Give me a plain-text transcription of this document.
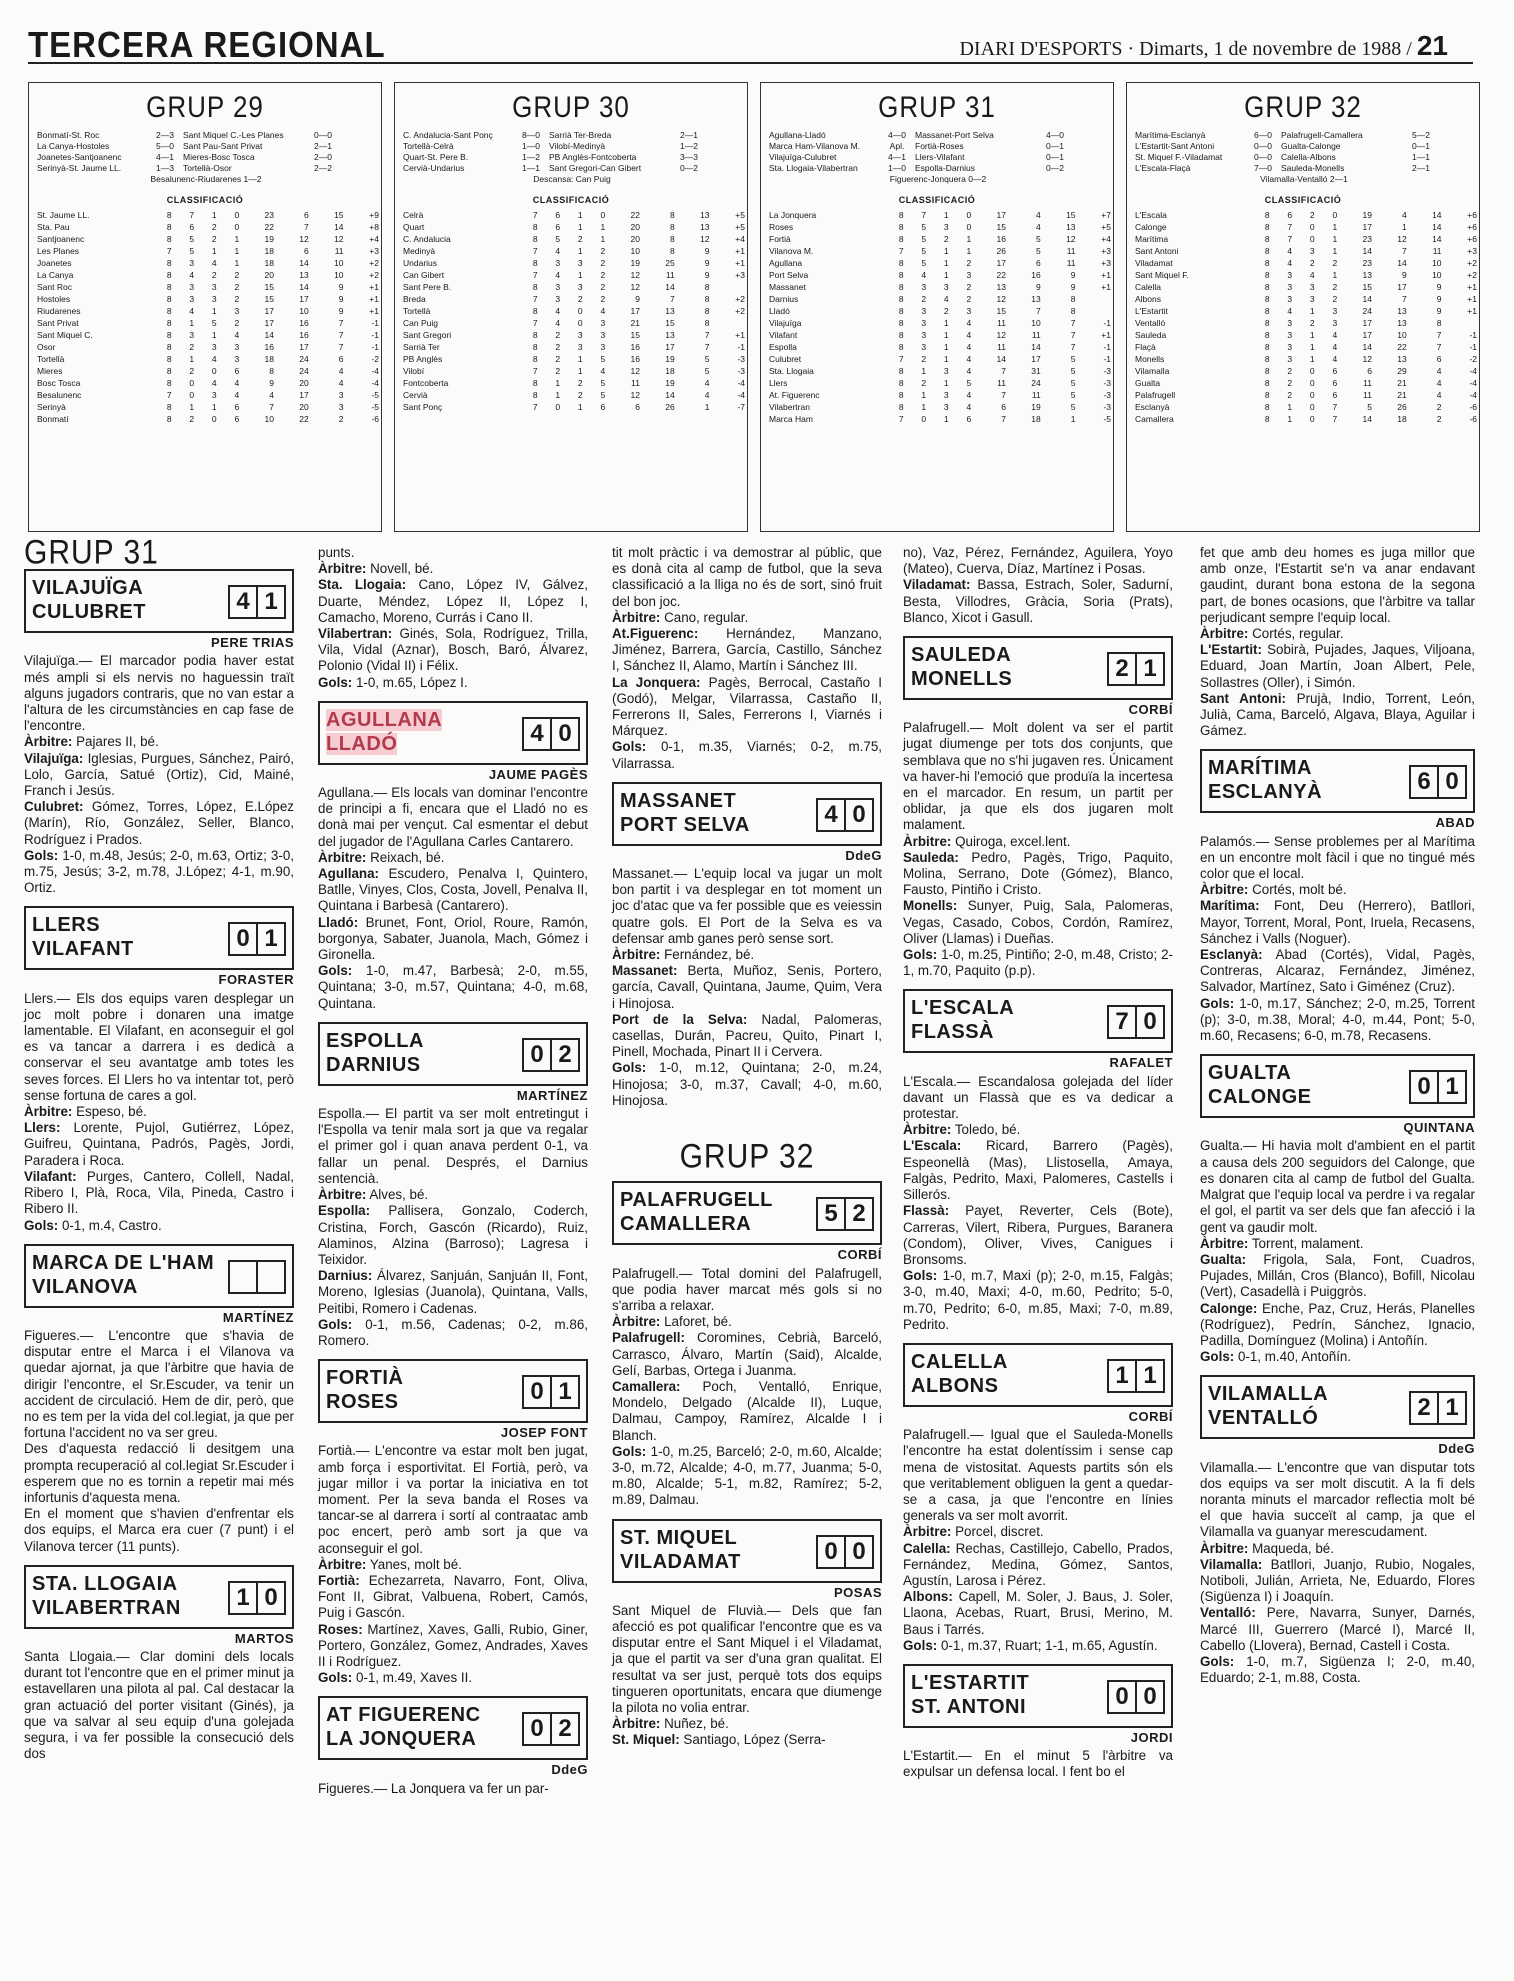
TERCERA REGIONAL	DIARI D'ESPORTS · Dimarts, 1 de novembre de 1988 / 21
GRUP 29
Bonmatí-St. Roc	2—3	Sant Miquel C.-Les Planes	0—0
La Canya-Hostoles	5—0	Sant Pau-Sant Privat	2—1
Joanetes-Santjoanenc	4—1	Mieres-Bosc Tosca	2—0
Serinyà-St. Jaume LL.	1—3	Tortellà-Osor	2—2
Besalunenc-Riudarenes 1—2
CLASSIFICACIÓ
St. Jaume LL.	8	7	1	0	23	6	15	+9
Sta. Pau	8	6	2	0	22	7	14	+8
Santjoanenc	8	5	2	1	19	12	12	+4
Les Planes	7	5	1	1	18	6	11	+3
Joanetes	8	3	4	1	18	14	10	+2
La Canya	8	4	2	2	20	13	10	+2
Sant Roc	8	3	3	2	15	14	9	+1
Hostoles	8	3	3	2	15	17	9	+1
Riudarenes	8	4	1	3	17	10	9	+1
Sant Privat	8	1	5	2	17	16	7	-1
Sant Miquel C.	8	3	1	4	14	16	7	-1
Osor	8	2	3	3	16	17	7	-1
Tortellà	8	1	4	3	18	24	6	-2
Mieres	8	2	0	6	8	24	4	-4
Bosc Tosca	8	0	4	4	9	20	4	-4
Besalunenc	7	0	3	4	4	17	3	-5
Serinyà	8	1	1	6	7	20	3	-5
Bonmatí	8	2	0	6	10	22	2	-6
GRUP 30
C. Andalucia-Sant Ponç	8—0	Sarrià Ter-Breda	2—1
Tortellà-Celrà	1—0	Vilobí-Medinyà	1—2
Quart-St. Pere B.	1—2	PB Anglès-Fontcoberta	3—3
Cervià-Undarius	1—1	Sant Gregori-Can Gibert	0—2
Descansa: Can Puig
CLASSIFICACIÓ
Celrà	7	6	1	0	22	8	13	+5
Quart	8	6	1	1	20	8	13	+5
C. Andalucia	8	5	2	1	20	8	12	+4
Medinyà	7	4	1	2	10	8	9	+1
Undarius	8	3	3	2	19	25	9	+1
Can Gibert	7	4	1	2	12	11	9	+3
Sant Pere B.	8	3	3	2	12	14	8	
Breda	7	3	2	2	9	7	8	+2
Tortellà	8	4	0	4	17	13	8	+2
Can Puig	7	4	0	3	21	15	8	
Sant Gregori	8	2	3	3	15	13	7	+1
Sarrià Ter	8	2	3	3	16	17	7	-1
PB Anglès	8	2	1	5	16	19	5	-3
Vilobí	7	2	1	4	12	18	5	-3
Fontcoberta	8	1	2	5	11	19	4	-4
Cervià	8	1	2	5	12	14	4	-4
Sant Ponç	7	0	1	6	6	26	1	-7
GRUP 31
Agullana-Lladó	4—0	Massanet-Port Selva	4—0
Marca Ham-Vilanova M.	Apl.	Fortià-Roses	0—1
Vilajuïga-Culubret	4—1	Llers-Vilafant	0—1
Sta. Llogaia-Vilabertran	1—0	Espolla-Darnius	0—2
Figuerenc-Jonquera 0—2
CLASSIFICACIÓ
La Jonquera	8	7	1	0	17	4	15	+7
Roses	8	5	3	0	15	4	13	+5
Fortià	8	5	2	1	16	5	12	+4
Vilanova M.	7	5	1	1	26	5	11	+3
Agullana	8	5	1	2	17	6	11	+3
Port Selva	8	4	1	3	22	16	9	+1
Massanet	8	3	3	2	13	9	9	+1
Darnius	8	2	4	2	12	13	8	
Lladó	8	3	2	3	15	7	8	
Vilajuïga	8	3	1	4	11	10	7	-1
Vilafant	8	3	1	4	12	11	7	+1
Espolla	8	3	1	4	11	14	7	-1
Culubret	7	2	1	4	14	17	5	-1
Sta. Llogaia	8	1	3	4	7	31	5	-3
Llers	8	2	1	5	11	24	5	-3
At. Figuerenc	8	1	3	4	7	11	5	-3
Vilabertran	8	1	3	4	6	19	5	-3
Marca Ham	7	0	1	6	7	18	1	-5
GRUP 32
Marítima-Esclanyà	6—0	Palafrugell-Camallera	5—2
L'Estartit-Sant Antoni	0—0	Gualta-Calonge	0—1
St. Miquel F.-Viladamat	0—0	Calella-Albons	1—1
L'Escala-Flaçà	7—0	Sauleda-Monells	2—1
Vilamalla-Ventalló 2—1
CLASSIFICACIÓ
L'Escala	8	6	2	0	19	4	14	+6
Calonge	8	7	0	1	17	1	14	+6
Marítima	8	7	0	1	23	12	14	+6
Sant Antoni	8	4	3	1	14	7	11	+3
Viladamat	8	4	2	2	23	14	10	+2
Sant Miquel F.	8	3	4	1	13	9	10	+2
Calella	8	3	3	2	15	17	9	+1
Albons	8	3	3	2	14	7	9	+1
L'Estartit	8	4	1	3	24	13	9	+1
Ventalló	8	3	2	3	17	13	8	
Sauleda	8	3	1	4	17	10	7	-1
Flaçà	8	3	1	4	14	22	7	-1
Monells	8	3	1	4	12	13	6	-2
Vilamalla	8	2	0	6	6	29	4	-4
Gualta	8	2	0	6	11	21	4	-4
Palafrugell	8	2	0	6	11	21	4	-4
Esclanyà	8	1	0	7	5	26	2	-6
Camallera	8	1	0	7	14	18	2	-6
GRUP 31
VILAJUÏGA
CULUBRET	4 1
PERE TRIAS

Vilajuïga.— El marcador podia haver estat més ampli si els nervis no haguessin traït alguns jugadors contraris, que no van estar a l'altura de les circumstàncies en cap fase de l'encontre.

Àrbitre: Pajares II, bé.

Vilajuïga: Iglesias, Purgues, Sánchez, Pairó, Lolo, García, Satué (Ortiz), Cid, Mainé, Franch i Jesús.

Culubret: Gómez, Torres, López, E.López (Marín), Río, González, Seller, Blanco, Rodríguez i Prados.

Gols: 1-0, m.48, Jesús; 2-0, m.63, Ortiz; 3-0, m.75, Jesús; 3-2, m.78, J.López; 4-1, m.90, Ortiz.

LLERS
VILAFANT	0 1
FORASTER

Llers.— Els dos equips varen desplegar un joc molt pobre i donaren una imatge lamentable. El Vilafant, en aconseguir el gol es va tancar a darrera i es dedicà a conservar el seu avantatge amb totes les seves forces. El Llers ho va intentar tot, però sense fortuna de cares a gol.

Àrbitre: Espeso, bé.

Llers: Lorente, Pujol, Gutiérrez, López, Guifreu, Quintana, Padrós, Pagès, Jordi, Paradera i Roca.

Vilafant: Purges, Cantero, Collell, Nadal, Ribero I, Plà, Roca, Vila, Pineda, Castro i Ribero II.

Gols: 0-1, m.4, Castro.

MARCA DE L'HAM
VILANOVA
MARTÍNEZ

Figueres.— L'encontre que s'havia de disputar entre el Marca i el Vilanova va quedar ajornat, ja que l'àrbitre que havia de dirigir l'encontre, el Sr.Escuder, va tenir un accident de circulació. Hem de dir, però, que no es tem per la vida del col.legiat, ja que per fortuna l'accident no va ser greu.

Des d'aquesta redacció li desitgem una prompta recuperació al col.legiat Sr.Escuder i esperem que no es tornin a repetir mai més infortunis d'aquesta mena.

En el moment que s'havien d'enfrentar els dos equips, el Marca era cuer (7 punt) i el Vilanova tercer (11 punts).

STA. LLOGAIA
VILABERTRAN 1 0
MARTOS

Santa Llogaia.— Clar domini dels locals durant tot l'encontre que en el primer minut ja estavellaren una pilota al pal. Cal destacar la gran actuació del porter visitant (Ginés), ja que va salvar al seu equip d'una golejada segura, i va fer possible la consecució dels dos

punts.

Àrbitre: Novell, bé.

Sta. Llogaia: Cano, López IV, Gálvez, Duarte, Méndez, López II, López I, Camacho, Moreno, Currás i Cano II.

Vilabertran: Ginés, Sola, Rodríguez, Trilla, Vila, Vidal (Aznar), Bosch, Baró, Álvarez, Polonio (Vidal II) i Félix.

Gols: 1-0, m.65, López I.

AGULLANA
LLADÓ	4 0
JAUME PAGÈS

Agullana.— Els locals van dominar l'encontre de principi a fi, encara que el Lladó no es donà mai per vençut. Cal esmentar el debut del jugador de l'Agullana Carles Cantarero.

Àrbitre: Reixach, bé.

Agullana: Escudero, Penalva I, Quintero, Batlle, Vinyes, Clos, Costa, Jovell, Penalva II, Quintana i Barbesà (Cantarero).

Lladó: Brunet, Font, Oriol, Roure, Ramón, borgonya, Sabater, Juanola, Mach, Gómez i Gironella.

Gols: 1-0, m.47, Barbesà; 2-0, m.55, Quintana; 3-0, m.57, Quintana; 4-0, m.68, Quintana.

ESPOLLA
DARNIUS	0 2
MARTÍNEZ

Espolla.— El partit va ser molt entretingut i l'Espolla va tenir mala sort ja que va regalar el primer gol i quan anava perdent 0-1, va fallar un penal. Després, el Darnius sentencià.

Àrbitre: Alves, bé.

Espolla: Pallisera, Gonzalo, Coderch, Cristina, Forch, Gascón (Ricardo), Ruiz, Alaminos, Alzina (Barroso); Lagresa i Teixidor.

Darnius: Álvarez, Sanjuán, Sanjuán II, Font, Moreno, Iglesias (Juanola), Quintana, Valls, Peitibi, Romero i Cadenas.

Gols: 0-1, m.56, Cadenas; 0-2, m.86, Romero.

FORTIÀ
ROSES	0 1
JOSEP FONT

Fortià.— L'encontre va estar molt ben jugat, amb força i esportivitat. El Fortià, però, va jugar millor i va portar la iniciativa en tot moment. Per la seva banda el Roses va tancar-se al darrera i sortí al contraatac amb poc encert, però amb sort ja que va aconseguir el gol.

Àrbitre: Yanes, molt bé.

Fortià: Echezarreta, Navarro, Font, Oliva, Font II, Gibrat, Valbuena, Robert, Camós, Puig i Gascón.

Roses: Martínez, Xaves, Galli, Rubio, Giner, Portero, González, Gomez, Andrades, Xaves II i Rodríguez.

Gols: 0-1, m.49, Xaves II.

AT FIGUERENC
LA JONQUERA 0 2
DdeG

Figueres.— La Jonquera va fer un par-

tit molt pràctic i va demostrar al públic, que es donà cita al camp de futbol, que la seva classificació a la lliga no és de sort, sinó fruit del bon joc.

Àrbitre: Cano, regular.

At.Figuerenc: Hernández, Manzano, Jiménez, Barrera, García, Castillo, Sánchez I, Sánchez II, Alamo, Martín i Sánchez III.

La Jonquera: Pagès, Berrocal, Castaño I (Godó), Melgar, Vilarrassa, Castaño II, Ferrerons II, Sales, Ferrerons I, Viarnés i Márquez.

Gols: 0-1, m.35, Viarnés; 0-2, m.75, Vilarrassa.

MASSANET
PORT SELVA	4 0
DdeG

Massanet.— L'equip local va jugar un molt bon partit i va desplegar en tot moment un joc d'atac que va fer possible que es veiessin quatre gols. El Port de la Selva es va defensar amb ganes però sense sort.

Àrbitre: Fernández, bé.

Massanet: Berta, Muñoz, Senis, Portero, garcía, Cavall, Quintana, Jaume, Quim, Vera i Hinojosa.

Port de la Selva: Nadal, Palomeras, casellas, Durán, Pacreu, Quito, Pinart I, Pinell, Mochada, Pinart II i Cervera.

Gols: 1-0, m.12, Quintana; 2-0, m.24, Hinojosa; 3-0, m.37, Cavall; 4-0, m.60, Hinojosa.

GRUP 32
PALAFRUGELL
CAMALLERA	5 2
CORBÍ

Palafrugell.— Total domini del Palafrugell, que podia haver marcat més gols si no s'arriba a relaxar.

Àrbitre: Laforet, bé.

Palafrugell: Coromines, Cebrià, Barceló, Carrasco, Álvaro, Martín (Said), Alcalde, Gelí, Barbas, Ortega i Juanma.

Camallera: Poch, Ventalló, Enrique, Mondelo, Delgado (Alcalde II), Luque, Dalmau, Campoy, Ramírez, Alcalde I i Blanch.

Gols: 1-0, m.25, Barceló; 2-0, m.60, Alcalde; 3-0, m.72, Alcalde; 4-0, m.77, Juanma; 5-0, m.80, Alcalde; 5-1, m.82, Ramírez; 5-2, m.89, Dalmau.

ST. MIQUEL
VILADAMAT	0 0
POSAS

Sant Miquel de Fluvià.— Dels que fan afecció es pot qualificar l'encontre que es va disputar entre el Sant Miquel i el Viladamat, ja que el partit va ser d'una gran qualitat. El resultat va ser just, perquè tots dos equips tingueren oportunitats, encara que diumenge la pilota no volia entrar.

Àrbitre: Nuñez, bé.

St. Miquel: Santiago, López (Serra-

no), Vaz, Pérez, Fernández, Aguilera, Yoyo (Mateo), Cuerva, Díaz, Martínez i Posas.

Viladamat: Bassa, Estrach, Soler, Sadurní, Besta, Villodres, Gràcia, Soria (Prats), Blanco, Xicot i Gasull.

SAULEDA
MONELLS	2 1
CORBÍ

Palafrugell.— Molt dolent va ser el partit jugat diumenge per tots dos conjunts, que semblava que no s'hi jugaven res. Únicament va haver-hi l'emoció que produïa la incertesa en el marcador. En resum, un partit per oblidar, ja que els dos jugaren molt malament.

Àrbitre: Quiroga, excel.lent.

Sauleda: Pedro, Pagès, Trigo, Paquito, Molina, Serrano, Dote (Gómez), Blanco, Fausto, Pintiño i Cristo.

Monells: Sunyer, Puig, Sala, Palomeras, Vegas, Casado, Cobos, Cordón, Ramírez, Oliver (Llamas) i Dueñas.

Gols: 1-0, m.25, Pintiño; 2-0, m.48, Cristo; 2-1, m.70, Paquito (p.p).

L'ESCALA
FLASSÀ	7 0
RAFALET

L'Escala.— Escandalosa golejada del líder davant un Flassà que es va dedicar a protestar.

Àrbitre: Toledo, bé.

L'Escala: Ricard, Barrero (Pagès), Espeonellà (Mas), Llistosella, Amaya, Falgàs, Pedrito, Maxi, Palomeres, Castells i Sillerós.

Flassà: Payet, Reverter, Cels (Bote), Carreras, Vilert, Ribera, Purgues, Baranera (Condom), Oliver, Vives, Canigues i Bronsoms.

Gols: 1-0, m.7, Maxi (p); 2-0, m.15, Falgàs; 3-0, m.40, Maxi; 4-0, m.60, Pedrito; 5-0, m.70, Pedrito; 6-0, m.85, Maxi; 7-0, m.89, Pedrito.

CALELLA
ALBONS	1 1
CORBÍ

Palafrugell.— Igual que el Sauleda-Monells l'encontre ha estat dolentíssim i sense cap mena de vistositat. Aquests partits són els que veritablement obliguen la gent a quedar-se a casa, ja que l'encontre en línies generals va ser molt avorrit.

Àrbitre: Porcel, discret.

Calella: Rechas, Castillejo, Cabello, Prados, Fernández, Medina, Gómez, Santos, Agustín, Larosa i Pérez.

Albons: Capell, M. Soler, J. Baus, J. Soler, Llaona, Acebas, Ruart, Brusi, Merino, M. Baus i Tarrés.

Gols: 0-1, m.37, Ruart; 1-1, m.65, Agustín.

L'ESTARTIT
ST. ANTONI	0 0
JORDI

L'Estartit.— En el minut 5 l'àrbitre va expulsar un defensa local. I fent bo el

fet que amb deu homes es juga millor que amb onze, l'Estartit se'n va anar endavant gaudint, durant bona estona de la segona part, de bones ocasions, que l'àrbitre va tallar perjudicant sempre l'equip local.

Àrbitre: Cortés, regular.

L'Estartit: Sobirà, Pujades, Jaques, Viljoana, Eduard, Joan Martín, Joan Albert, Pele, Sollastres (Oller), i Simón.

Sant Antoni: Prujà, Indio, Torrent, León, Julià, Cama, Barceló, Algava, Blaya, Aguilar i Gámez.

MARÍTIMA
ESCLANYÀ	6 0
ABAD

Palamós.— Sense problemes per al Marítima en un encontre molt fàcil i que no tingué més color que el local.

Àrbitre: Cortés, molt bé.

Marítima: Font, Deu (Herrero), Batllori, Mayor, Torrent, Moral, Pont, Iruela, Recasens, Sánchez i Valls (Noguer).

Esclanyà: Abad (Cortés), Vidal, Pagès, Contreras, Alcaraz, Fernández, Jiménez, Salvador, Martínez, Sato i Giménez (Cruz).

Gols: 1-0, m.17, Sánchez; 2-0, m.25, Torrent (p); 3-0, m.38, Moral; 4-0, m.44, Pont; 5-0, m.60, Recasens; 6-0, m.78, Recasens.

GUALTA
CALONGE	0 1
QUINTANA

Gualta.— Hi havia molt d'ambient en el partit a causa dels 200 seguidors del Calonge, que es donaren cita al camp de futbol del Gualta. Malgrat que l'equip local va perdre i va regalar el gol, el partit va ser dels que fan afecció i la gent va gaudir molt.

Àrbitre: Torrent, malament.

Gualta: Frigola, Sala, Font, Cuadros, Pujades, Millán, Cros (Blanco), Bofill, Nicolau (Vert), Casadellà i Puiggròs.

Calonge: Enche, Paz, Cruz, Herás, Planelles (Rodríguez), Pedrín, Sánchez, Ignacio, Padilla, Domínguez (Molina) i Antoñín.

Gols: 0-1, m.40, Antoñín.

VILAMALLA
VENTALLÓ	2 1
DdeG

Vilamalla.— L'encontre que van disputar tots dos equips va ser molt discutit. A la fi dels noranta minuts el marcador reflectia molt bé el que havia succeït al camp, ja que el Vilamalla va guanyar merescudament.

Àrbitre: Maqueda, bé.

Vilamalla: Batllori, Juanjo, Rubio, Nogales, Notiboli, Julián, Arrieta, Ne, Eduardo, Flores (Sigüenza I) i Joaquín.

Ventalló: Pere, Navarra, Sunyer, Darnés, Marcé III, Guerrero (Marcé I), Marcé II, Cabello (Llovera), Bernad, Castell i Costa.

Gols: 1-0, m.7, Sigüenza I; 2-0, m.40, Eduardo; 2-1, m.88, Costa.
